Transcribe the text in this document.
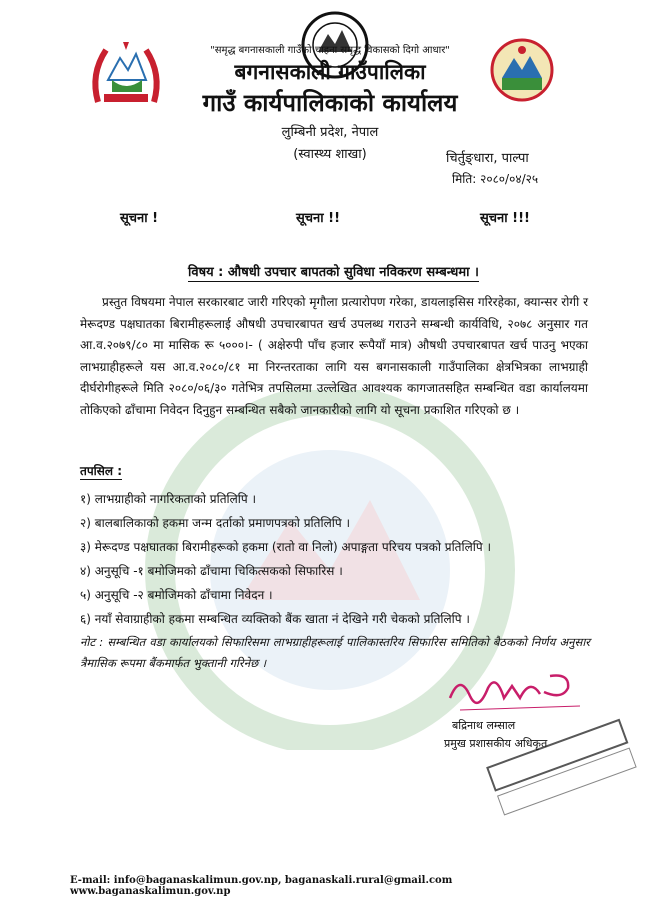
"समृद्ध बगनासकाली गाउँको चाहना समृद्ध विकासको दिगो आधार"
बगनासकाली गाउँपालिका
गाउँ कार्यपालिकाको कार्यालय
लुम्बिनी प्रदेश, नेपाल
(स्वास्थ्य शाखा)	चिर्तुङ्धारा, पाल्पा
मिति: २०८०/०४/२५
सूचना !	सूचना !!	सूचना !!!
विषय : औषधी उपचार बापतको सुविधा नविकरण सम्बन्धमा ।
प्रस्तुत विषयमा नेपाल सरकारबाट जारी गरिएको मृगौला प्रत्यारोपण गरेका, डायलाइसिस गरिरहेका, क्यान्सर रोगी र मेरूदण्ड पक्षघातका बिरामीहरूलाई औषधी उपचारबापत खर्च उपलब्ध गराउने सम्बन्धी कार्यविधि, २०७८ अनुसार गत आ.व.२०७९/८० मा मासिक रू ५०००।- ( अक्षेरुपी पाँच हजार रूपैयाँ मात्र) औषधी उपचारबापत खर्च पाउनु भएका लाभग्राहीहरूले यस आ.व.२०८०/८१ मा निरन्तरताका लागि यस बगनासकाली गाउँपालिका क्षेत्रभित्रका लाभग्राही दीर्घरोगीहरूले मिति २०८०/०६/३० गतेभित्र तपसिलमा उल्लेखित आवश्यक कागजातसहित सम्बन्धित वडा कार्यालयमा तोकिएको ढाँचामा निवेदन दिनुहुन सम्बन्धित सबैको जानकारीको लागि यो सूचना प्रकाशित गरिएको छ ।
तपसिल :
१) लाभग्राहीको नागरिकताको प्रतिलिपि ।
२) बालबालिकाको हकमा जन्म दर्ताको प्रमाणपत्रको प्रतिलिपि ।
३) मेरूदण्ड पक्षघातका बिरामीहरूको हकमा (रातो वा निलो) अपाङ्गता परिचय पत्रको प्रतिलिपि ।
४) अनुसूचि -१ बमोजिमको ढाँचामा चिकित्सकको सिफारिस ।
५) अनुसूचि -२ बमोजिमको ढाँचामा निवेदन ।
६) नयाँ सेवाग्राहीको हकमा सम्बन्धित व्यक्तिको बैंक खाता नं देखिने गरी चेकको प्रतिलिपि ।
नोट : सम्बन्धित वडा कार्यालयको सिफारिसमा लाभग्राहीहरूलाई पालिकास्तरिय सिफारिस समितिको बैठकको निर्णय अनुसार त्रैमासिक रूपमा बैंकमार्फत भुक्तानी गरिनेछ ।
बद्रिनाथ लम्साल
प्रमुख प्रशासकीय अधिकृत
E-mail: info@baganaskalimun.gov.np, baganaskali.rural@gmail.com www.baganaskalimun.gov.np
